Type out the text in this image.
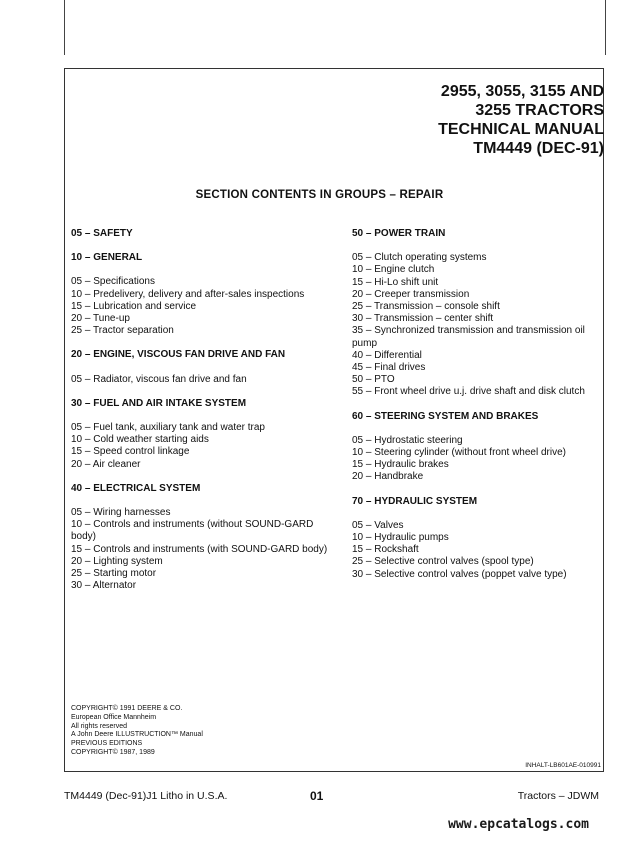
2955, 3055, 3155 AND
3255 TRACTORS
TECHNICAL MANUAL
TM4449 (DEC-91)
SECTION CONTENTS IN GROUPS – REPAIR
05 – SAFETY
10 – GENERAL
05 – Specifications
10 – Predelivery, delivery and after-sales inspections
15 – Lubrication and service
20 – Tune-up
25 – Tractor separation
20 – ENGINE, VISCOUS FAN DRIVE AND FAN
05 – Radiator, viscous fan drive and fan
30 – FUEL AND AIR INTAKE SYSTEM
05 – Fuel tank, auxiliary tank and water trap
10 – Cold weather starting aids
15 – Speed control linkage
20 – Air cleaner
40 – ELECTRICAL SYSTEM
05 – Wiring harnesses
10 – Controls and instruments (without SOUND-GARD body)
15 – Controls and instruments (with SOUND-GARD body)
20 – Lighting system
25 – Starting motor
30 – Alternator
50 – POWER TRAIN
05 – Clutch operating systems
10 – Engine clutch
15 – Hi-Lo shift unit
20 – Creeper transmission
25 – Transmission – console shift
30 – Transmission – center shift
35 – Synchronized transmission and transmission oil pump
40 – Differential
45 – Final drives
50 – PTO
55 – Front wheel drive u.j. drive shaft and disk clutch
60 – STEERING SYSTEM AND BRAKES
05 – Hydrostatic steering
10 – Steering cylinder (without front wheel drive)
15 – Hydraulic brakes
20 – Handbrake
70 – HYDRAULIC SYSTEM
05 – Valves
10 – Hydraulic pumps
15 – Rockshaft
25 – Selective control valves (spool type)
30 – Selective control valves (poppet valve type)
COPYRIGHT© 1991 DEERE & CO.
European Office Mannheim
All rights reserved
A John Deere ILLUSTRUCTION™ Manual
PREVIOUS EDITIONS
COPYRIGHT© 1987, 1989
INHALT-LB601AE-010991
TM4449 (Dec-91)J1 Litho in U.S.A.	01	Tractors – JDWM
www.epcatalogs.com
